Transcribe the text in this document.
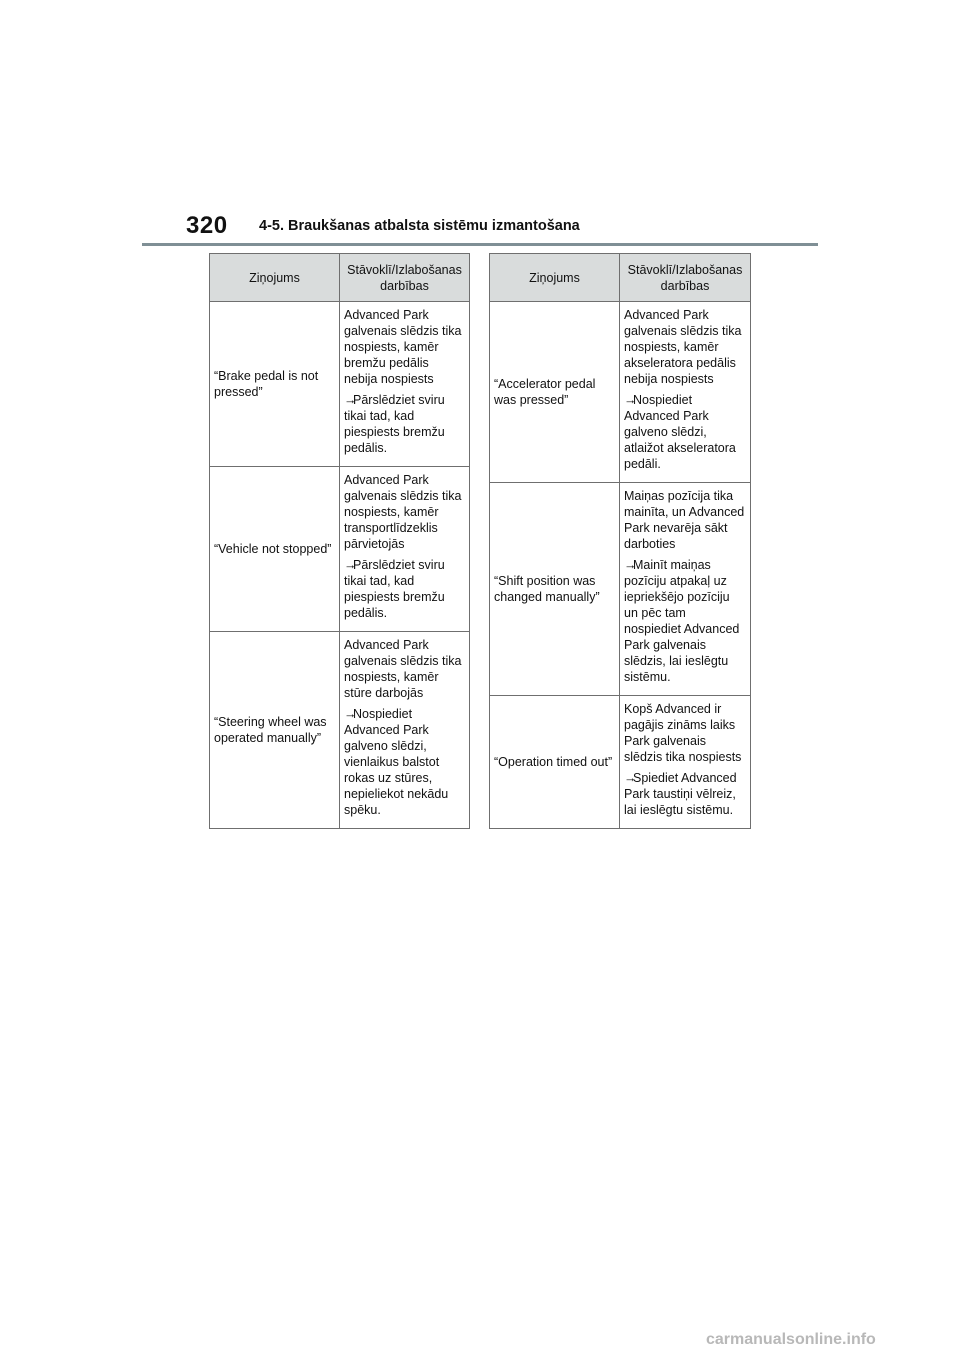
320 4-5. Braukšanas atbalsta sistēmu izmantošana
Ziņojums	Stāvoklī/Izlabošanas darbības
“Brake pedal is not pressed”	Advanced Park galvenais slēdzis tika nospiests, kamēr bremžu pedālis nebija nospiests

→Pārslēdziet sviru tikai tad, kad piespiests bremžu pedālis.

“Vehicle not stopped”	Advanced Park galvenais slēdzis tika nospiests, kamēr transportlīdzeklis pārvietojās

→Pārslēdziet sviru tikai tad, kad piespiests bremžu pedālis.

“Steering wheel was operated manually”	Advanced Park galvenais slēdzis tika nospiests, kamēr stūre darbojās

→Nospiediet Advanced Park galveno slēdzi, vienlaikus balstot rokas uz stūres, nepieliekot nekādu spēku.

Ziņojums	Stāvoklī/Izlabošanas darbības
“Accelerator pedal was pressed”	Advanced Park galvenais slēdzis tika nospiests, kamēr akseleratora pedālis nebija nospiests

→Nospiediet Advanced Park galveno slēdzi, atlaižot akseleratora pedāli.

“Shift position was changed manually”	Maiņas pozīcija tika mainīta, un Advanced Park nevarēja sākt darboties

→Mainīt maiņas pozīciju atpakaļ uz iepriekšējo pozīciju un pēc tam nospiediet Advanced Park galvenais slēdzis, lai ieslēgtu sistēmu.

“Operation timed out”	Kopš Advanced ir pagājis zināms laiks Park galvenais slēdzis tika nospiests

→Spiediet Advanced Park taustiņi vēlreiz, lai ieslēgtu sistēmu.

carmanualsonline.info
